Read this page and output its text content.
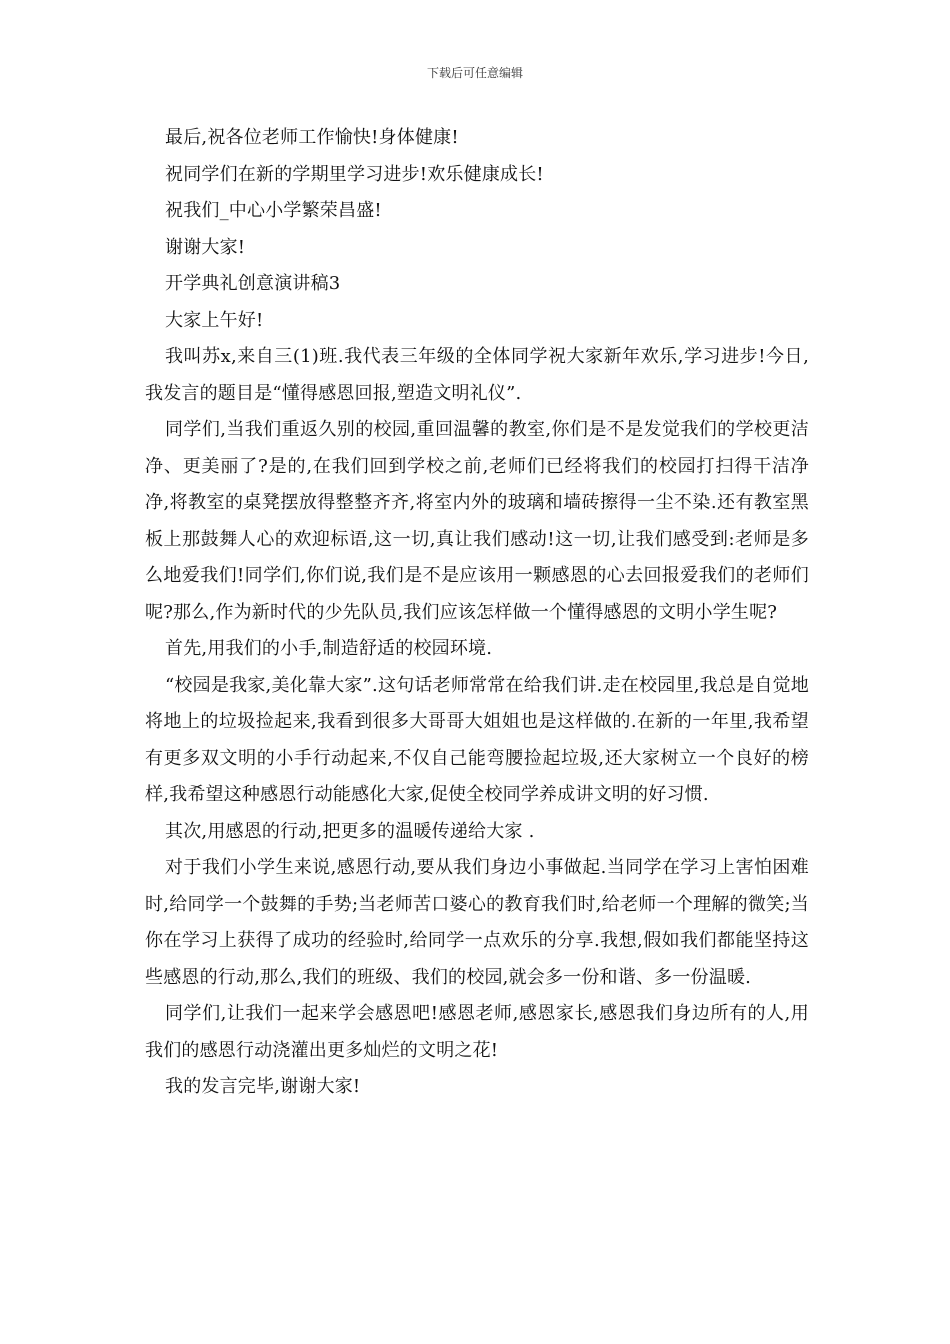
下载后可任意编辑

最后,祝各位老师工作愉快!身体健康!

祝同学们在新的学期里学习进步!欢乐健康成长!

祝我们_中心小学繁荣昌盛!

谢谢大家!

开学典礼创意演讲稿3

大家上午好!

我叫苏x,来自三(1)班.我代表三年级的全体同学祝大家新年欢乐,学习进步!今日,我发言的题目是“懂得感恩回报,塑造文明礼仪”.

同学们,当我们重返久别的校园,重回温馨的教室,你们是不是发觉我们的学校更洁净、更美丽了?是的,在我们回到学校之前,老师们已经将我们的校园打扫得干洁净净,将教室的桌凳摆放得整整齐齐,将室内外的玻璃和墙砖擦得一尘不染.还有教室黑板上那鼓舞人心的欢迎标语,这一切,真让我们感动!这一切,让我们感受到:老师是多么地爱我们!同学们,你们说,我们是不是应该用一颗感恩的心去回报爱我们的老师们呢?那么,作为新时代的少先队员,我们应该怎样做一个懂得感恩的文明小学生呢?

首先,用我们的小手,制造舒适的校园环境.

“校园是我家,美化靠大家”.这句话老师常常在给我们讲.走在校园里,我总是自觉地将地上的垃圾捡起来,我看到很多大哥哥大姐姐也是这样做的.在新的一年里,我希望有更多双文明的小手行动起来,不仅自己能弯腰捡起垃圾,还大家树立一个良好的榜样,我希望这种感恩行动能感化大家,促使全校同学养成讲文明的好习惯.

其次,用感恩的行动,把更多的温暖传递给大家 .

对于我们小学生来说,感恩行动,要从我们身边小事做起.当同学在学习上害怕困难时,给同学一个鼓舞的手势;当老师苦口婆心的教育我们时,给老师一个理解的微笑;当你在学习上获得了成功的经验时,给同学一点欢乐的分享.我想,假如我们都能坚持这些感恩的行动,那么,我们的班级、我们的校园,就会多一份和谐、多一份温暖.

同学们,让我们一起来学会感恩吧!感恩老师,感恩家长,感恩我们身边所有的人,用我们的感恩行动浇灌出更多灿烂的文明之花!

我的发言完毕,谢谢大家!
